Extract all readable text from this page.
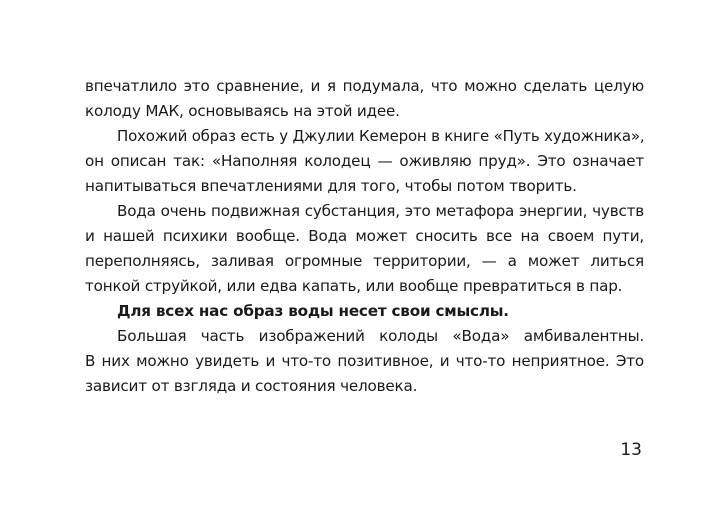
впечатлило это сравнение, и я подумала, что можно сделать целую
колоду МАК, основываясь на этой идее.
Похожий образ есть у Джулии Кемерон в книге «Путь художника»,
он описан так: «Наполняя колодец — оживляю пруд». Это означает
напитываться впечатлениями для того, чтобы потом творить.
Вода очень подвижная субстанция, это метафора энергии, чувств
и нашей психики вообще. Вода может сносить все на своем пути,
переполняясь, заливая огромные территории, — а может литься
тонкой струйкой, или едва капать, или вообще превратиться в пар.
Для всех нас образ воды несет свои смыслы.
Большая часть изображений колоды «Вода» амбивалентны.
В них можно увидеть и что-то позитивное, и что-то неприятное. Это
зависит от взгляда и состояния человека.
13
